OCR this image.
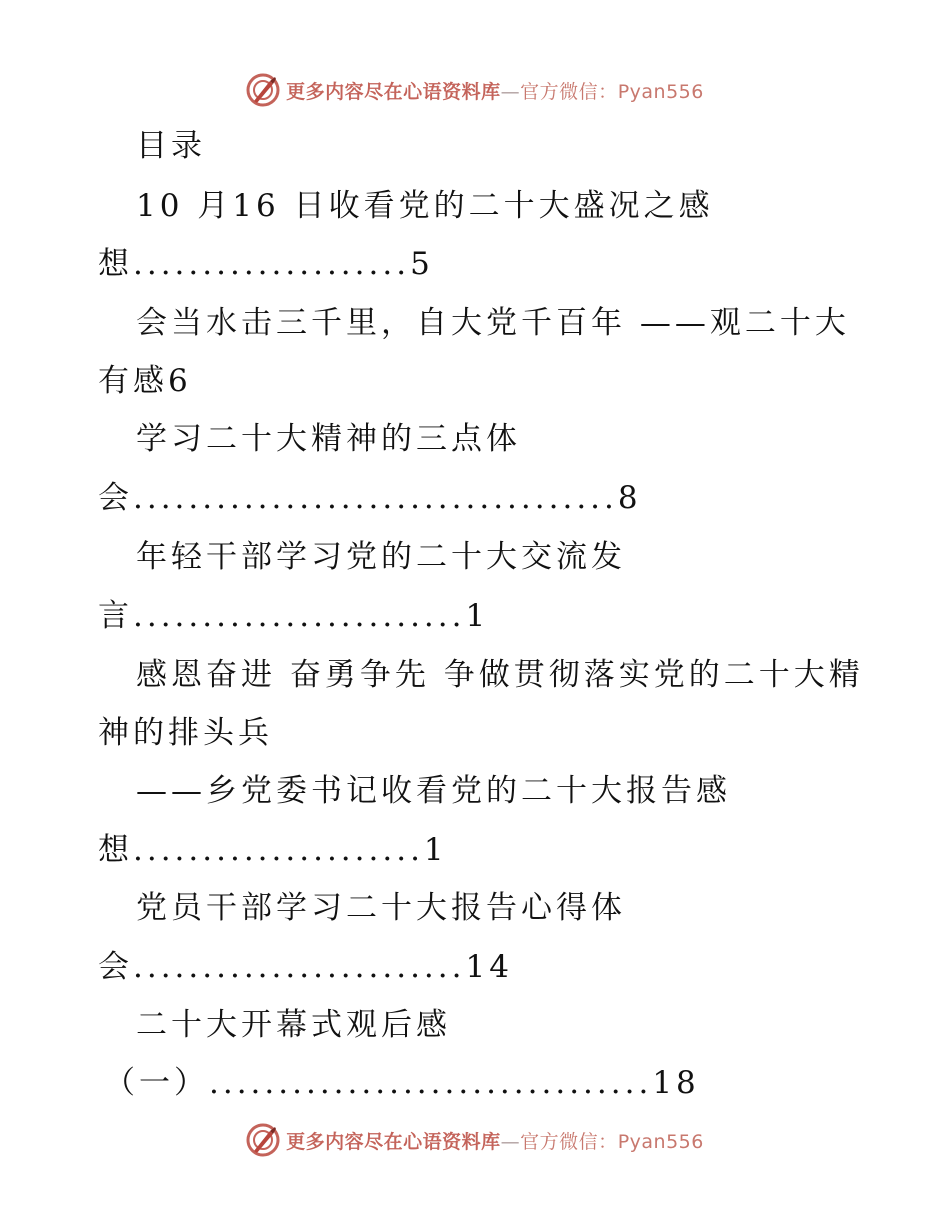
更多内容尽在心语资料库—官方微信：Pyan556
目录
10 月16 日收看党的二十大盛况之感
想....................5
会当水击三千里，自大党千百年 ——观二十大
有感6
学习二十大精神的三点体
会...................................8
年轻干部学习党的二十大交流发
言........................1
感恩奋进 奋勇争先 争做贯彻落实党的二十大精
神的排头兵
——乡党委书记收看党的二十大报告感
想.....................1
党员干部学习二十大报告心得体
会........................14
二十大开幕式观后感
（一）................................18
更多内容尽在心语资料库—官方微信：Pyan556
